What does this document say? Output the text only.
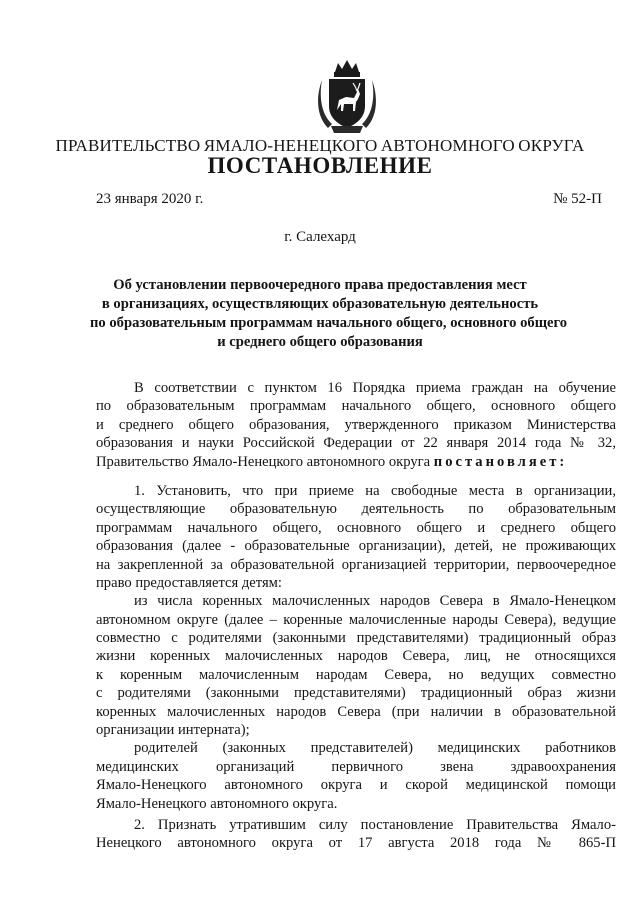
ПРАВИТЕЛЬСТВО ЯМАЛО-НЕНЕЦКОГО АВТОНОМНОГО ОКРУГА
ПОСТАНОВЛЕНИЕ
23 января 2020 г.	№ 52-П
г. Салехард
Об установлении первоочередного права предоставления мест
в организациях, осуществляющих образовательную деятельность
по образовательным программам начального общего, основного общего
и среднего общего образования
В соответствии с пунктом 16 Порядка приема граждан на обучение
по образовательным программам начального общего, основного общего
и среднего общего образования, утвержденного приказом Министерства
образования и науки Российской Федерации от 22 января 2014 года № 32,
Правительство Ямало-Ненецкого автономного округа постановляет:
1. Установить, что при приеме на свободные места в организации,
осуществляющие образовательную деятельность по образовательным
программам начального общего, основного общего и среднего общего
образования (далее - образовательные организации), детей, не проживающих
на закрепленной за образовательной организацией территории, первоочередное
право предоставляется детям:
из числа коренных малочисленных народов Севера в Ямало-Ненецком
автономном округе (далее – коренные малочисленные народы Севера), ведущие
совместно с родителями (законными представителями) традиционный образ
жизни коренных малочисленных народов Севера, лиц, не относящихся
к коренным малочисленным народам Севера, но ведущих совместно
с родителями (законными представителями) традиционный образ жизни
коренных малочисленных народов Севера (при наличии в образовательной
организации интерната);
родителей (законных представителей) медицинских работников
медицинских организаций первичного звена здравоохранения
Ямало-Ненецкого автономного округа и скорой медицинской помощи
Ямало-Ненецкого автономного округа.
2. Признать утратившим силу постановление Правительства Ямало-
Ненецкого автономного округа от 17 августа 2018 года № 865-П
